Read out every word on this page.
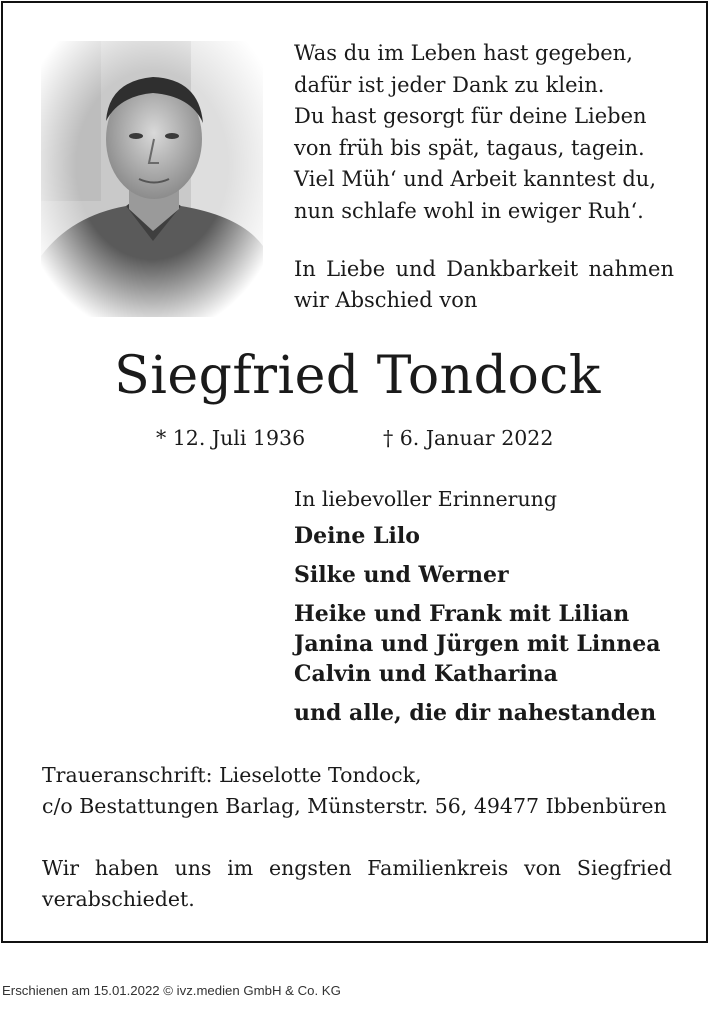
Was du im Leben hast gegeben,
dafür ist jeder Dank zu klein.
Du hast gesorgt für deine Lieben
von früh bis spät, tagaus, tagein.
Viel Müh‘ und Arbeit kanntest du,
nun schlafe wohl in ewiger Ruh‘.
In Liebe und Dankbarkeit nahmen
wir Abschied von
Siegfried Tondock
* 12. Juli 1936	† 6. Januar 2022
In liebevoller Erinnerung
Deine Lilo
Silke und Werner
Heike und Frank mit Lilian
Janina und Jürgen mit Linnea
Calvin und Katharina
und alle, die dir nahestanden
Traueranschrift: Lieselotte Tondock,
c/o Bestattungen Barlag, Münsterstr. 56, 49477 Ibbenbüren
Wir haben uns im engsten Familienkreis von Siegfried
verabschiedet.
Erschienen am 15.01.2022 © ivz.medien GmbH & Co. KG
